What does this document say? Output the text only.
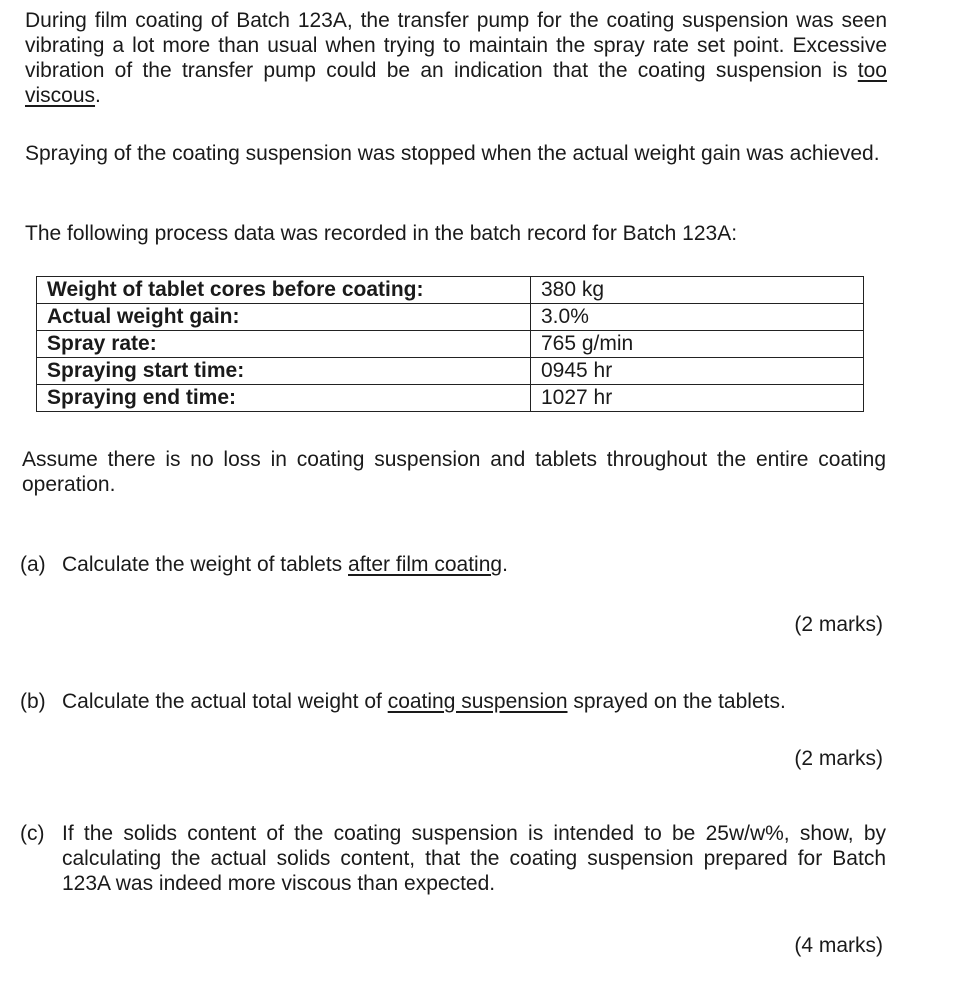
During film coating of Batch 123A, the transfer pump for the coating suspension was seen vibrating a lot more than usual when trying to maintain the spray rate set point. Excessive vibration of the transfer pump could be an indication that the coating suspension is too viscous.

Spraying of the coating suspension was stopped when the actual weight gain was achieved.

The following process data was recorded in the batch record for Batch 123A:

Weight of tablet cores before coating:	380 kg
Actual weight gain:	3.0%
Spray rate:	765 g/min
Spraying start time:	0945 hr
Spraying end time:	1027 hr

Assume there is no loss in coating suspension and tablets throughout the entire coating operation.

(a) Calculate the weight of tablets after film coating.

(2 marks)

(b) Calculate the actual total weight of coating suspension sprayed on the tablets.

(2 marks)

(c) If the solids content of the coating suspension is intended to be 25w/w%, show, by calculating the actual solids content, that the coating suspension prepared for Batch 123A was indeed more viscous than expected.

(4 marks)
